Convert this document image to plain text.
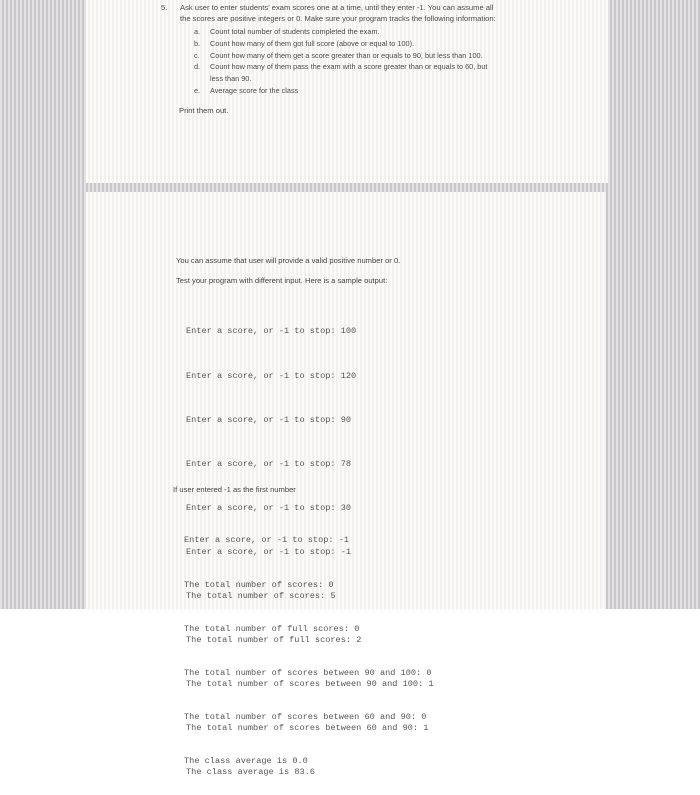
5. Ask user to enter students' exam scores one at a time, until they enter -1. You can assume all
the scores are positive integers or 0. Make sure your program tracks the following information:
a. Count total number of students completed the exam.
b. Count how many of them got full score (above or equal to 100).
c. Count how many of them get a score greater than or equals to 90, but less than 100.
d. Count how many of them pass the exam with a score greater than or equals to 60, but
less than 90.
e. Average score for the class
Print them out.
You can assume that user will provide a valid positive number or 0.
Test your program with different input. Here is a sample output:

Enter a score, or -1 to stop: 100

Enter a score, or -1 to stop: 120

Enter a score, or -1 to stop: 90

Enter a score, or -1 to stop: 78

Enter a score, or -1 to stop: 30

Enter a score, or -1 to stop: -1

The total number of scores: 5

The total number of full scores: 2

The total number of scores between 90 and 100: 1

The total number of scores between 60 and 90: 1

The class average is 83.6

If user entered -1 as the first number

Enter a score, or -1 to stop: -1

The total number of scores: 0

The total number of full scores: 0

The total number of scores between 90 and 100: 0

The total number of scores between 60 and 90: 0

The class average is 0.0
